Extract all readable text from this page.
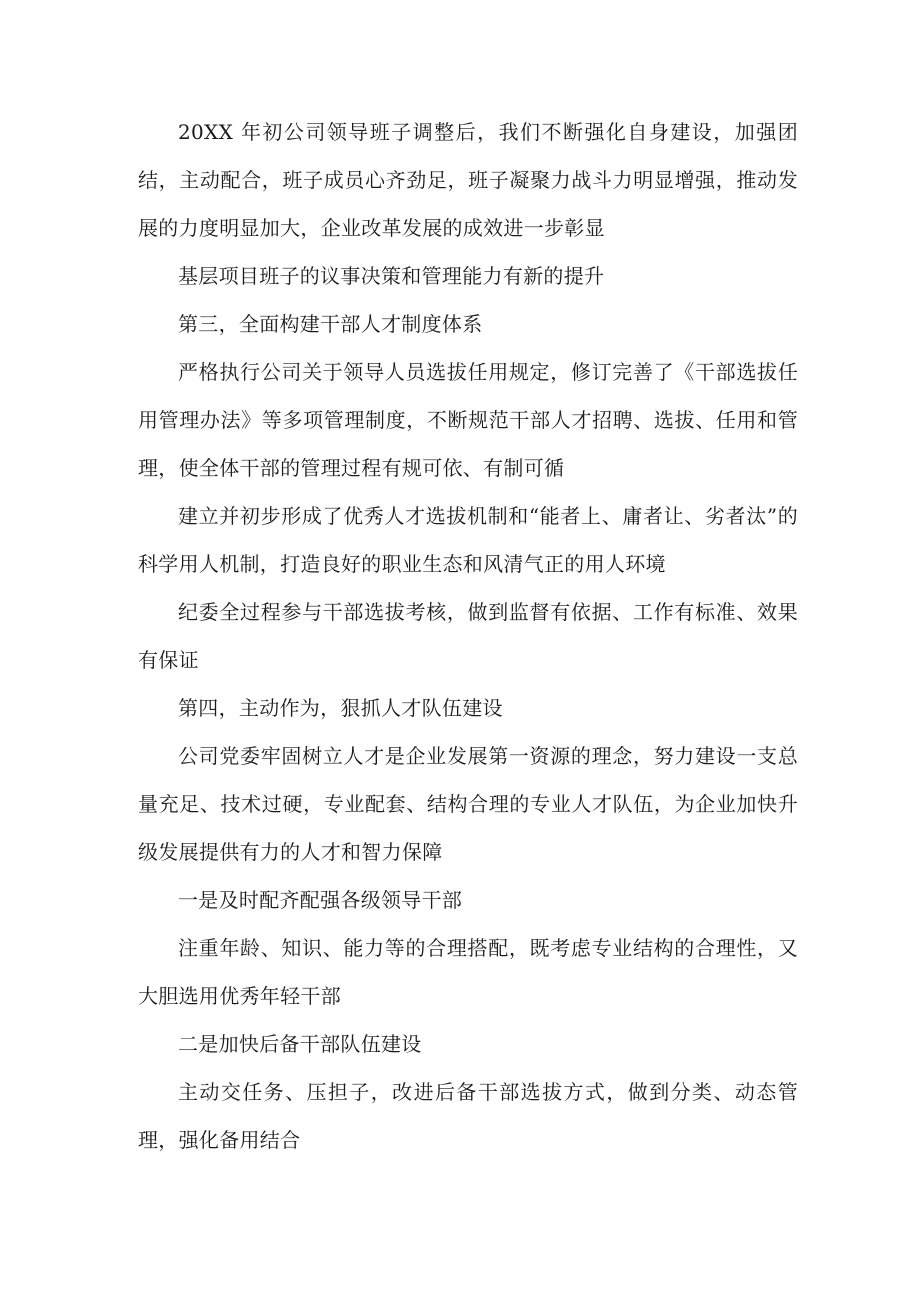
20XX 年初公司领导班子调整后，我们不断强化自身建设，加强团结，主动配合，班子成员心齐劲足，班子凝聚力战斗力明显增强，推动发展的力度明显加大，企业改革发展的成效进一步彰显

基层项目班子的议事决策和管理能力有新的提升

第三，全面构建干部人才制度体系

严格执行公司关于领导人员选拔任用规定，修订完善了《干部选拔任用管理办法》等多项管理制度，不断规范干部人才招聘、选拔、任用和管理，使全体干部的管理过程有规可依、有制可循

建立并初步形成了优秀人才选拔机制和“能者上、庸者让、劣者汰”的科学用人机制，打造良好的职业生态和风清气正的用人环境

纪委全过程参与干部选拔考核，做到监督有依据、工作有标准、效果有保证

第四，主动作为，狠抓人才队伍建设

公司党委牢固树立人才是企业发展第一资源的理念，努力建设一支总量充足、技术过硬，专业配套、结构合理的专业人才队伍，为企业加快升级发展提供有力的人才和智力保障

一是及时配齐配强各级领导干部

注重年龄、知识、能力等的合理搭配，既考虑专业结构的合理性，又大胆选用优秀年轻干部

二是加快后备干部队伍建设

主动交任务、压担子，改进后备干部选拔方式，做到分类、动态管理，强化备用结合
